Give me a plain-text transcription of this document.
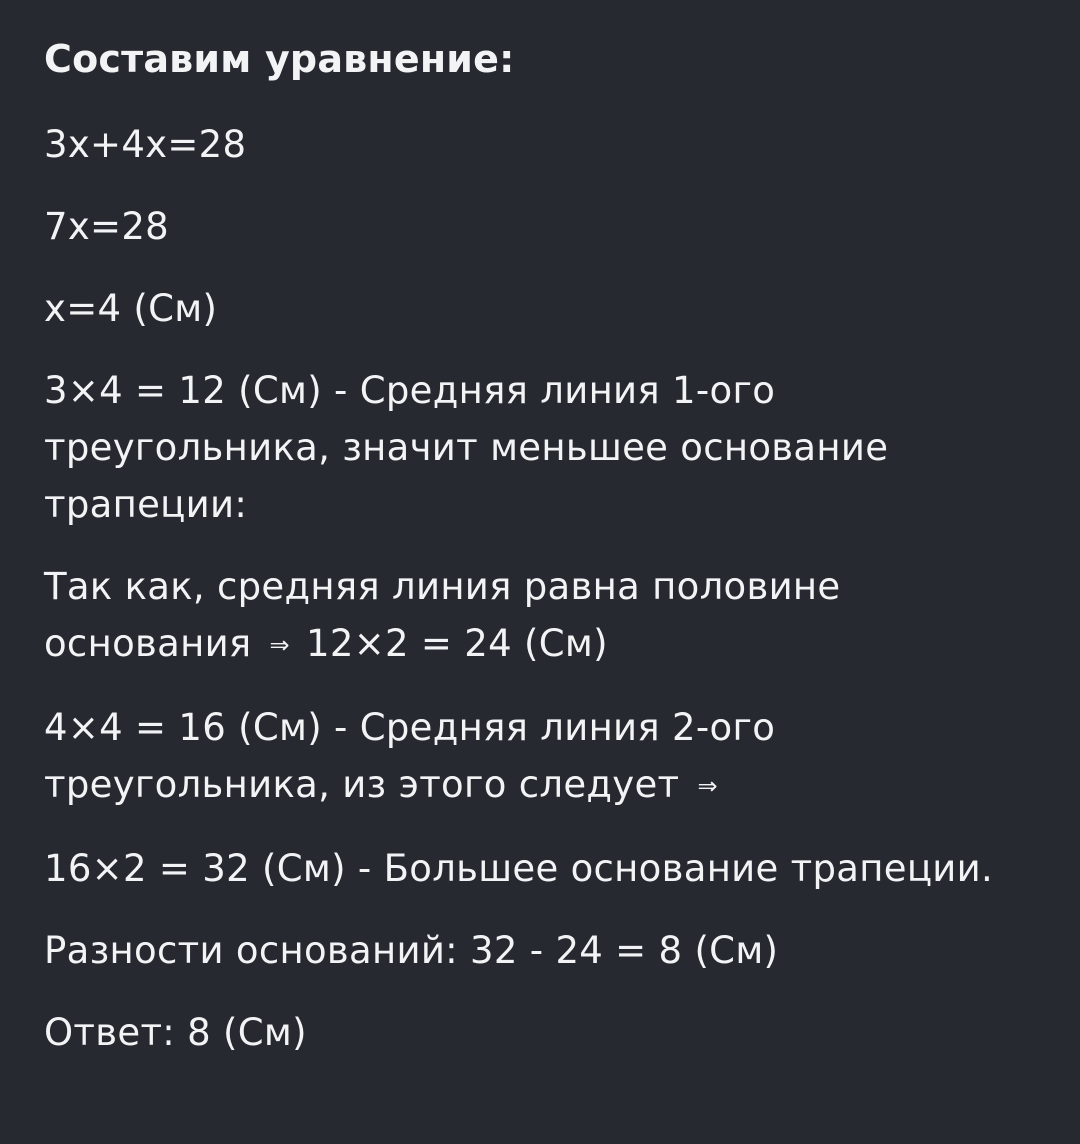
Составим уравнение:
3x+4x=28
7x=28
x=4 (См)
3×4 = 12 (См) - Средняя линия 1-ого треугольника, значит меньшее основание трапеции:
Так как, средняя линия равна половине основания ⇒ 12×2 = 24 (См)
4×4 = 16 (См) - Средняя линия 2-ого треугольника, из этого следует ⇒
16×2 = 32 (См) - Большее основание трапеции.
Разности оснований: 32 - 24 = 8 (См)
Ответ: 8 (См)
